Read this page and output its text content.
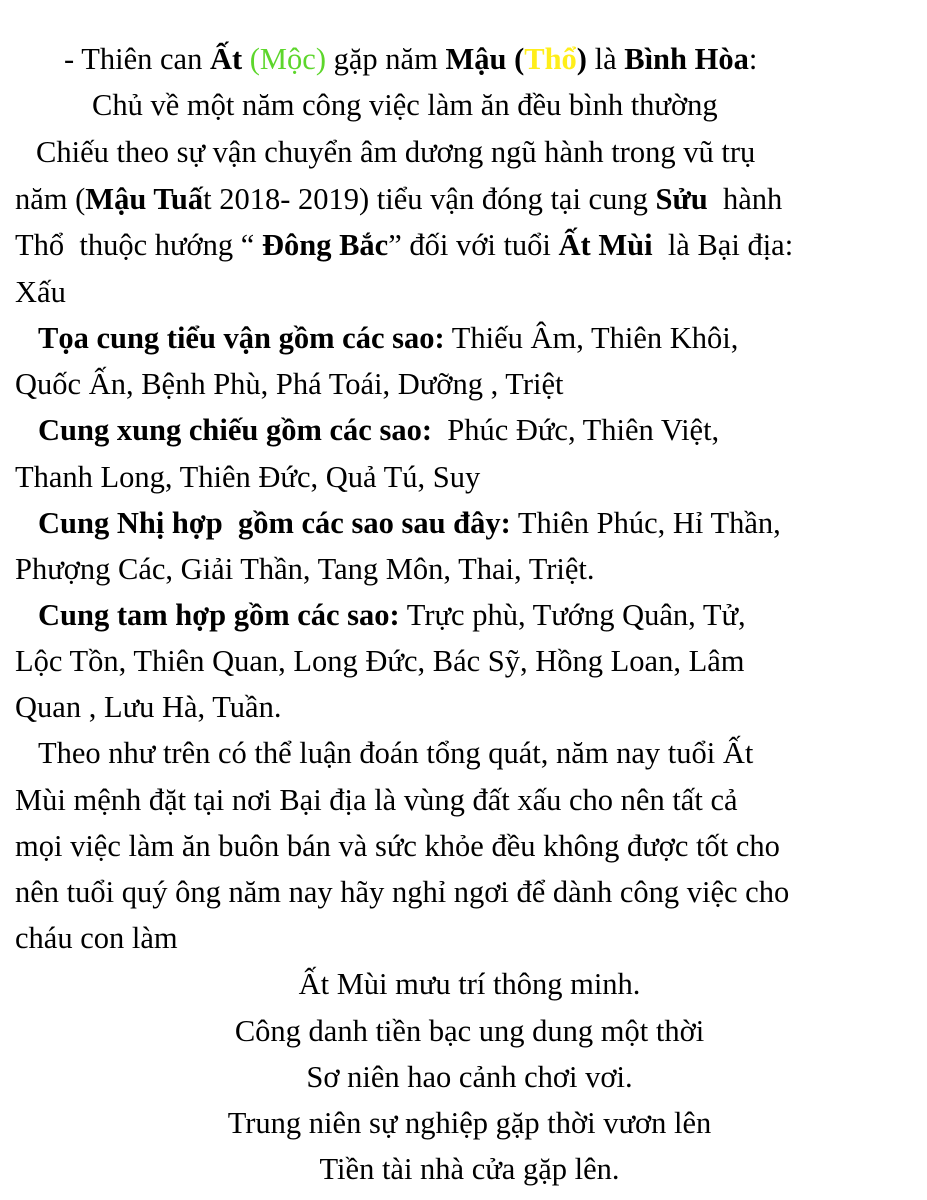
- Thiên can Ất (Mộc) gặp năm Mậu (Thổ) là Bình Hòa:
Chủ về một năm công việc làm ăn đều bình thường
Chiếu theo sự vận chuyển âm dương ngũ hành trong vũ trụ
năm (Mậu Tuất 2018- 2019) tiểu vận đóng tại cung Sửu  hành
Thổ  thuộc hướng “ Đông Bắc” đối với tuổi Ất Mùi  là Bại địa:
Xấu
Tọa cung tiểu vận gồm các sao: Thiếu Âm, Thiên Khôi,
Quốc Ấn, Bệnh Phù, Phá Toái, Dưỡng , Triệt
Cung xung chiếu gồm các sao:  Phúc Đức, Thiên Việt,
Thanh Long, Thiên Đức, Quả Tú, Suy
Cung Nhị hợp  gồm các sao sau đây: Thiên Phúc, Hỉ Thần,
Phượng Các, Giải Thần, Tang Môn, Thai, Triệt.
Cung tam hợp gồm các sao: Trực phù, Tướng Quân, Tử,
Lộc Tồn, Thiên Quan, Long Đức, Bác Sỹ, Hồng Loan, Lâm
Quan , Lưu Hà, Tuần.
Theo như trên có thể luận đoán tổng quát, năm nay tuổi Ất
Mùi mệnh đặt tại nơi Bại địa là vùng đất xấu cho nên tất cả
mọi việc làm ăn buôn bán và sức khỏe đều không được tốt cho
nên tuổi quý ông năm nay hãy nghỉ ngơi để dành công việc cho
cháu con làm
Ất Mùi mưu trí thông minh.
Công danh tiền bạc ung dung một thời
Sơ niên hao cảnh chơi vơi.
Trung niên sự nghiệp gặp thời vươn lên
Tiền tài nhà cửa gặp lên.
